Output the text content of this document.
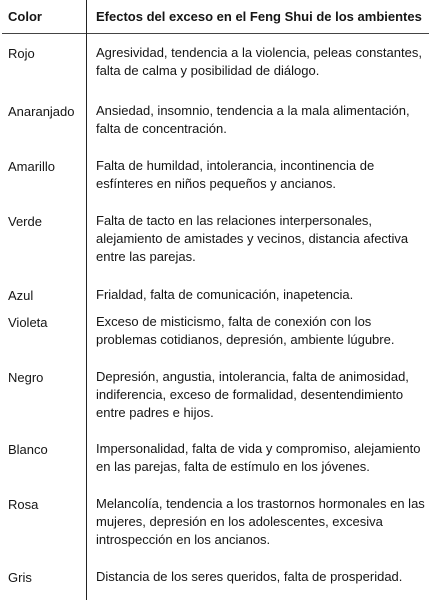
Color	Efectos del exceso en el Feng Shui de los ambientes
Rojo	Agresividad, tendencia a la violencia, peleas constantes, falta de calma y posibilidad de diálogo.
Anaranjado Ansiedad, insomnio, tendencia a la mala alimentación, falta de concentración.
Amarillo	Falta de humildad, intolerancia, incontinencia de esfínteres en niños pequeños y ancianos.
Verde	Falta de tacto en las relaciones interpersonales, alejamiento de amistades y vecinos, distancia afectiva entre las parejas.
Azul	Frialdad, falta de comunicación, inapetencia.
Violeta	Exceso de misticismo, falta de conexión con los problemas cotidianos, depresión, ambiente lúgubre.
Negro	Depresión, angustia, intolerancia, falta de animosidad, indiferencia, exceso de formalidad, desentendimiento entre padres e hijos.
Blanco	Impersonalidad, falta de vida y compromiso, alejamiento en las parejas, falta de estímulo en los jóvenes.
Rosa	Melancolía, tendencia a los trastornos hormonales en las mujeres, depresión en los adolescentes, excesiva introspección en los ancianos.
Gris	Distancia de los seres queridos, falta de prosperidad.
